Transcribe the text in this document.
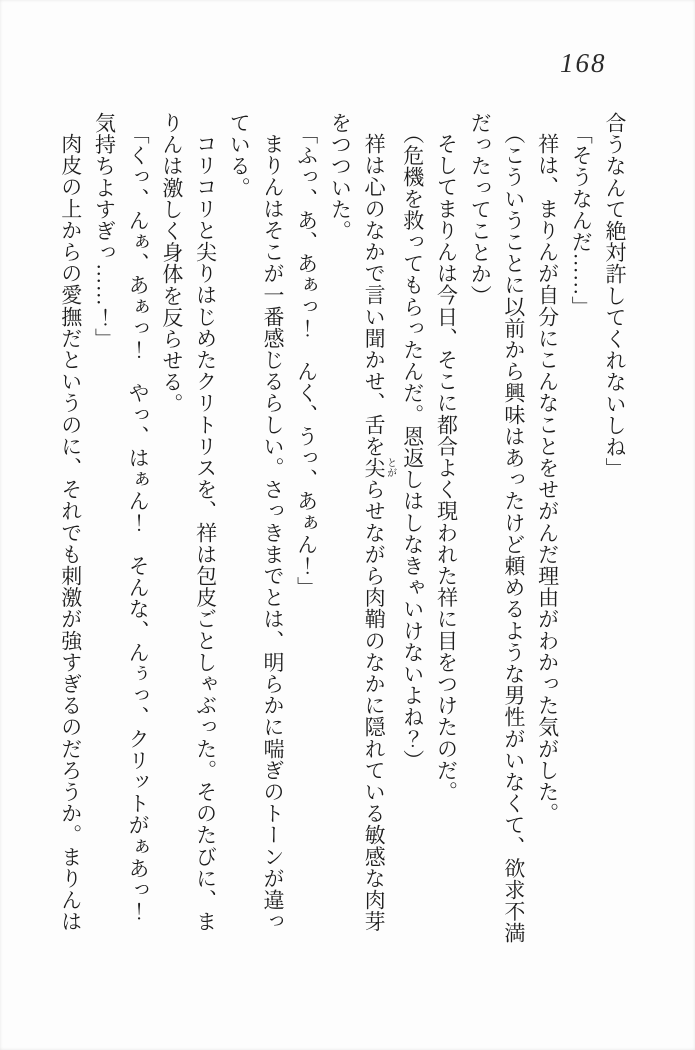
168

合うなんて絶対許してくれないしね」

「そうなんだ……」

祥は、まりんが自分にこんなことをせがんだ理由がわかった気がした。

（こういうことに以前から興味はあったけど頼めるような男性がいなくて、欲求不満

だったってことか）

そしてまりんは今日、そこに都合よく現われた祥に目をつけたのだ。

（危機を救ってもらったんだ。恩返しはしなきゃいけないよね？）

祥は心のなかで言い聞かせ、舌を尖とがらせながら肉鞘のなかに隠れている敏感な肉芽

をつついた。

「ふっ、あ、あぁっ！　んく、うっ、あぁん！」

まりんはそこが一番感じるらしい。さっきまでとは、明らかに喘ぎのトーンが違っ

ている。

コリコリと尖りはじめたクリトリスを、祥は包皮ごとしゃぶった。そのたびに、ま

りんは激しく身体を反らせる。

「くっ、んぁ、あぁっ！　やっ、はぁん！　そんな、んぅっ、クリットがぁあっ！

気持ちよすぎっ……！」

肉皮の上からの愛撫だというのに、それでも刺激が強すぎるのだろうか。まりんは
